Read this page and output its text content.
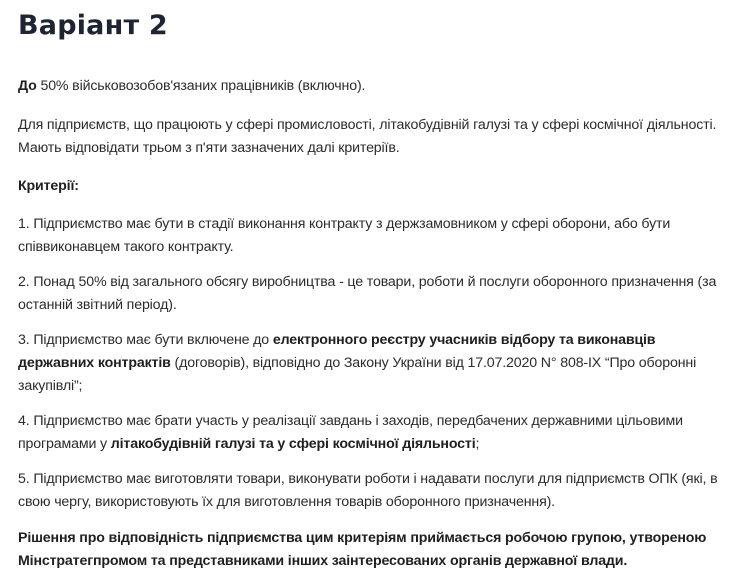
Варіант 2

До 50% військовозобов'язаних працівників (включно).

Для підприємств, що працюють у сфері промисловості, літакобудівній галузі та у сфері космічної діяльності.
Мають відповідати трьом з п'яти зазначених далі критеріїв.

Критерії:

1. Підприємство має бути в стадії виконання контракту з держзамовником у сфері оборони, або бути співвиконавцем такого контракту.

2. Понад 50% від загального обсягу виробництва - це товари, роботи й послуги оборонного призначення (за останній звітний період).

3. Підприємство має бути включене до електронного реєстру учасників відбору та виконавців державних контрактів (договорів), відповідно до Закону України від 17.07.2020 N° 808-IX “Про оборонні закупівлі”;

4. Підприємство має брати участь у реалізації завдань і заходів, передбачених державними цільовими програмами у літакобудівній галузі та у сфері космічної діяльності;

5. Підприємство має виготовляти товари, виконувати роботи і надавати послуги для підприємств ОПК (які, в свою чергу, використовують їх для виготовлення товарів оборонного призначення).

Рішення про відповідність підприємства цим критеріям приймається робочою групою, утвореною Мінстратегпромом та представниками інших заінтересованих органів державної влади.
